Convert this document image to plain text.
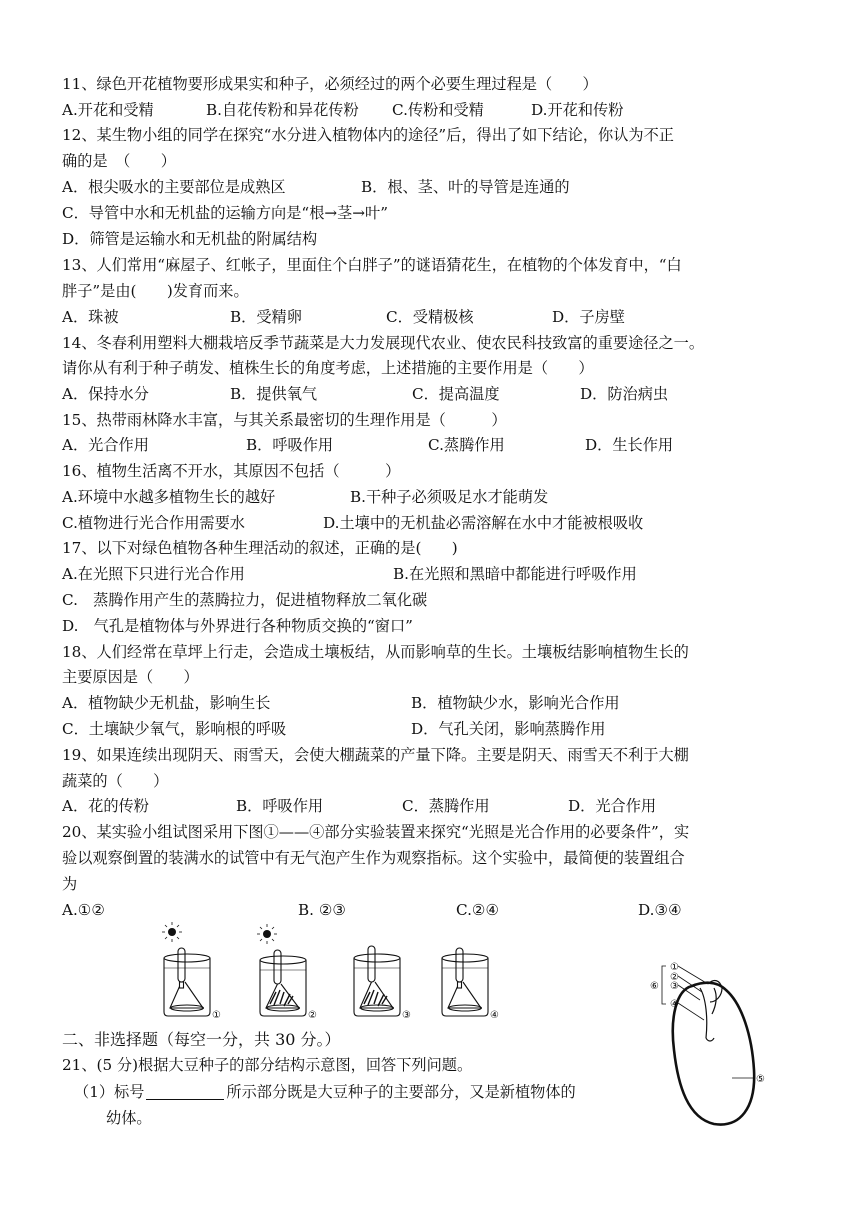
11、绿色开花植物要形成果实和种子，必须经过的两个必要生理过程是（　　）
A.开花和受精	B.自花传粉和异花传粉 C.传粉和受精	D.开花和传粉
12、某生物小组的同学在探究“水分进入植物体内的途径”后，得出了如下结论，你认为不正
确的是　（　　）
A．根尖吸水的主要部位是成熟区	B．根、茎、叶的导管是连通的
C．导管中水和无机盐的运输方向是“根→茎→叶”
D．筛管是运输水和无机盐的附属结构
13、人们常用“麻屋子、红帐子，里面住个白胖子”的谜语猜花生，在植物的个体发育中，“白
胖子”是由(　　)发育而来。
A．珠被	B．受精卵	C．受精极核	D．子房壁
14、冬春利用塑料大棚栽培反季节蔬菜是大力发展现代农业、使农民科技致富的重要途径之一。
请你从有利于种子萌发、植株生长的角度考虑，上述措施的主要作用是（　　）
A．保持水分	B．提供氧气	C．提高温度	D．防治病虫
15、热带雨林降水丰富，与其关系最密切的生理作用是（　　　）
A．光合作用	B．呼吸作用	C.蒸腾作用	D．生长作用
16、植物生活离不开水，其原因不包括（　　　）
A.环境中水越多植物生长的越好	B.干种子必须吸足水才能萌发
C.植物进行光合作用需要水	D.土壤中的无机盐必需溶解在水中才能被根吸收
17、以下对绿色植物各种生理活动的叙述，正确的是(　　)
A.在光照下只进行光合作用	B.在光照和黑暗中都能进行呼吸作用
C.　蒸腾作用产生的蒸腾拉力，促进植物释放二氧化碳
D.　气孔是植物体与外界进行各种物质交换的“窗口”
18、人们经常在草坪上行走，会造成土壤板结，从而影响草的生长。土壤板结影响植物生长的
主要原因是（　　）
A．植物缺少无机盐，影响生长	B．植物缺少水，影响光合作用
C．土壤缺少氧气，影响根的呼吸	D．气孔关闭，影响蒸腾作用
19、如果连续出现阴天、雨雪天，会使大棚蔬菜的产量下降。主要是阴天、雨雪天不利于大棚
蔬菜的（　　）
A．花的传粉	B．呼吸作用	C．蒸腾作用	D．光合作用
20、某实验小组试图采用下图①——④部分实验装置来探究“光照是光合作用的必要条件”，实
验以观察倒置的装满水的试管中有无气泡产生作为观察指标。这个实验中，最简便的装置组合
为
A.①②	B. ②③	C.②④	D.③④
①	②	③	④
二、非选择题（每空一分，共 30 分。）
21、(5 分)根据大豆种子的部分结构示意图，回答下列问题。
（1）标号	所示部分既是大豆种子的主要部分，又是新植物体的
幼体。
①
②
③
④
⑤
⑥
